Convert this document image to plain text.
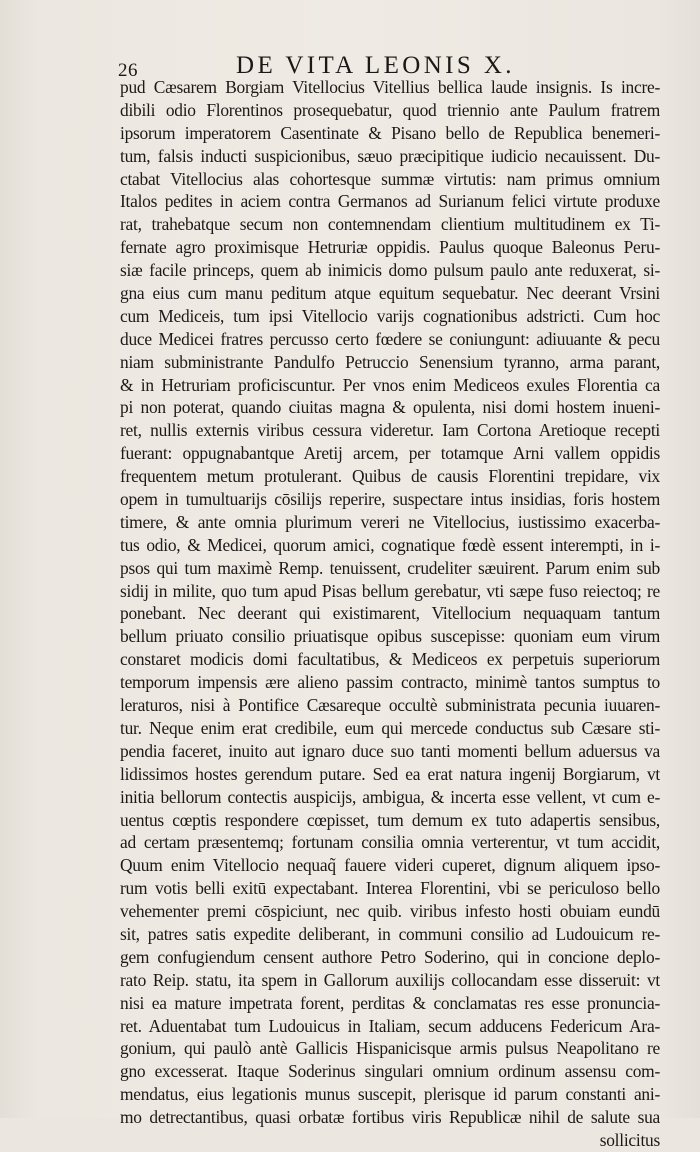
26	DE VITA LEONIS X.
pud Cæsarem Borgiam Vitellocius Vitellius bellica laude insignis. Is incre-
dibili odio Florentinos prosequebatur, quod triennio ante Paulum fratrem
ipsorum imperatorem Casentinate & Pisano bello de Republica benemeri-
tum, falsis inducti suspicionibus, sæuo præcipitique iudicio necauissent. Du-
ctabat Vitellocius alas cohortesque summæ virtutis: nam primus omnium
Italos pedites in aciem contra Germanos ad Surianum felici virtute produxe
rat, trahebatque secum non contemnendam clientium multitudinem ex Ti-
fernate agro proximisque Hetruriæ oppidis. Paulus quoque Baleonus Peru-
siæ facile princeps, quem ab inimicis domo pulsum paulo ante reduxerat, si-
gna eius cum manu peditum atque equitum sequebatur. Nec deerant Vrsini
cum Mediceis, tum ipsi Vitellocio varijs cognationibus adstricti. Cum hoc
duce Medicei fratres percusso certo fœdere se coniungunt: adiuuante & pecu
niam subministrante Pandulfo Petruccio Senensium tyranno, arma parant,
& in Hetruriam proficiscuntur. Per vnos enim Mediceos exules Florentia ca
pi non poterat, quando ciuitas magna & opulenta, nisi domi hostem inueni-
ret, nullis externis viribus cessura videretur. Iam Cortona Aretioque recepti
fuerant: oppugnabantque Aretij arcem, per totamque Arni vallem oppidis
frequentem metum protulerant. Quibus de causis Florentini trepidare, vix
opem in tumultuarijs cōsilijs reperire, suspectare intus insidias, foris hostem
timere, & ante omnia plurimum vereri ne Vitellocius, iustissimo exacerba-
tus odio, & Medicei, quorum amici, cognatique fœdè essent interempti, in i-
psos qui tum maximè Remp. tenuissent, crudeliter sæuirent. Parum enim sub
sidij in milite, quo tum apud Pisas bellum gerebatur, vti sæpe fuso reiectoq; re
ponebant. Nec deerant qui existimarent, Vitellocium nequaquam tantum
bellum priuato consilio priuatisque opibus suscepisse: quoniam eum virum
constaret modicis domi facultatibus, & Mediceos ex perpetuis superiorum
temporum impensis ære alieno passim contracto, minimè tantos sumptus to
leraturos, nisi à Pontifice Cæsareque occultè subministrata pecunia iuuaren-
tur. Neque enim erat credibile, eum qui mercede conductus sub Cæsare sti-
pendia faceret, inuito aut ignaro duce suo tanti momenti bellum aduersus va
lidissimos hostes gerendum putare. Sed ea erat natura ingenij Borgiarum, vt
initia bellorum contectis auspicijs, ambigua, & incerta esse vellent, vt cum e-
uentus cœptis respondere cœpisset, tum demum ex tuto adapertis sensibus,
ad certam præsentemq; fortunam consilia omnia verterentur, vt tum accidit,
Quum enim Vitellocio nequaq̃ fauere videri cuperet, dignum aliquem ipso-
rum votis belli exitū expectabant. Interea Florentini, vbi se periculoso bello
vehementer premi cōspiciunt, nec quib. viribus infesto hosti obuiam eundū
sit, patres satis expedite deliberant, in communi consilio ad Ludouicum re-
gem confugiendum censent authore Petro Soderino, qui in concione deplo-
rato Reip. statu, ita spem in Gallorum auxilijs collocandam esse disseruit: vt
nisi ea mature impetrata forent, perditas & conclamatas res esse pronuncia-
ret. Aduentabat tum Ludouicus in Italiam, secum adducens Federicum Ara-
gonium, qui paulò antè Gallicis Hispanicisque armis pulsus Neapolitano re
gno excesserat. Itaque Soderinus singulari omnium ordinum assensu com-
mendatus, eius legationis munus suscepit, plerisque id parum constanti ani-
mo detrectantibus, quasi orbatæ fortibus viris Republicæ nihil de salute sua
sollicitus
